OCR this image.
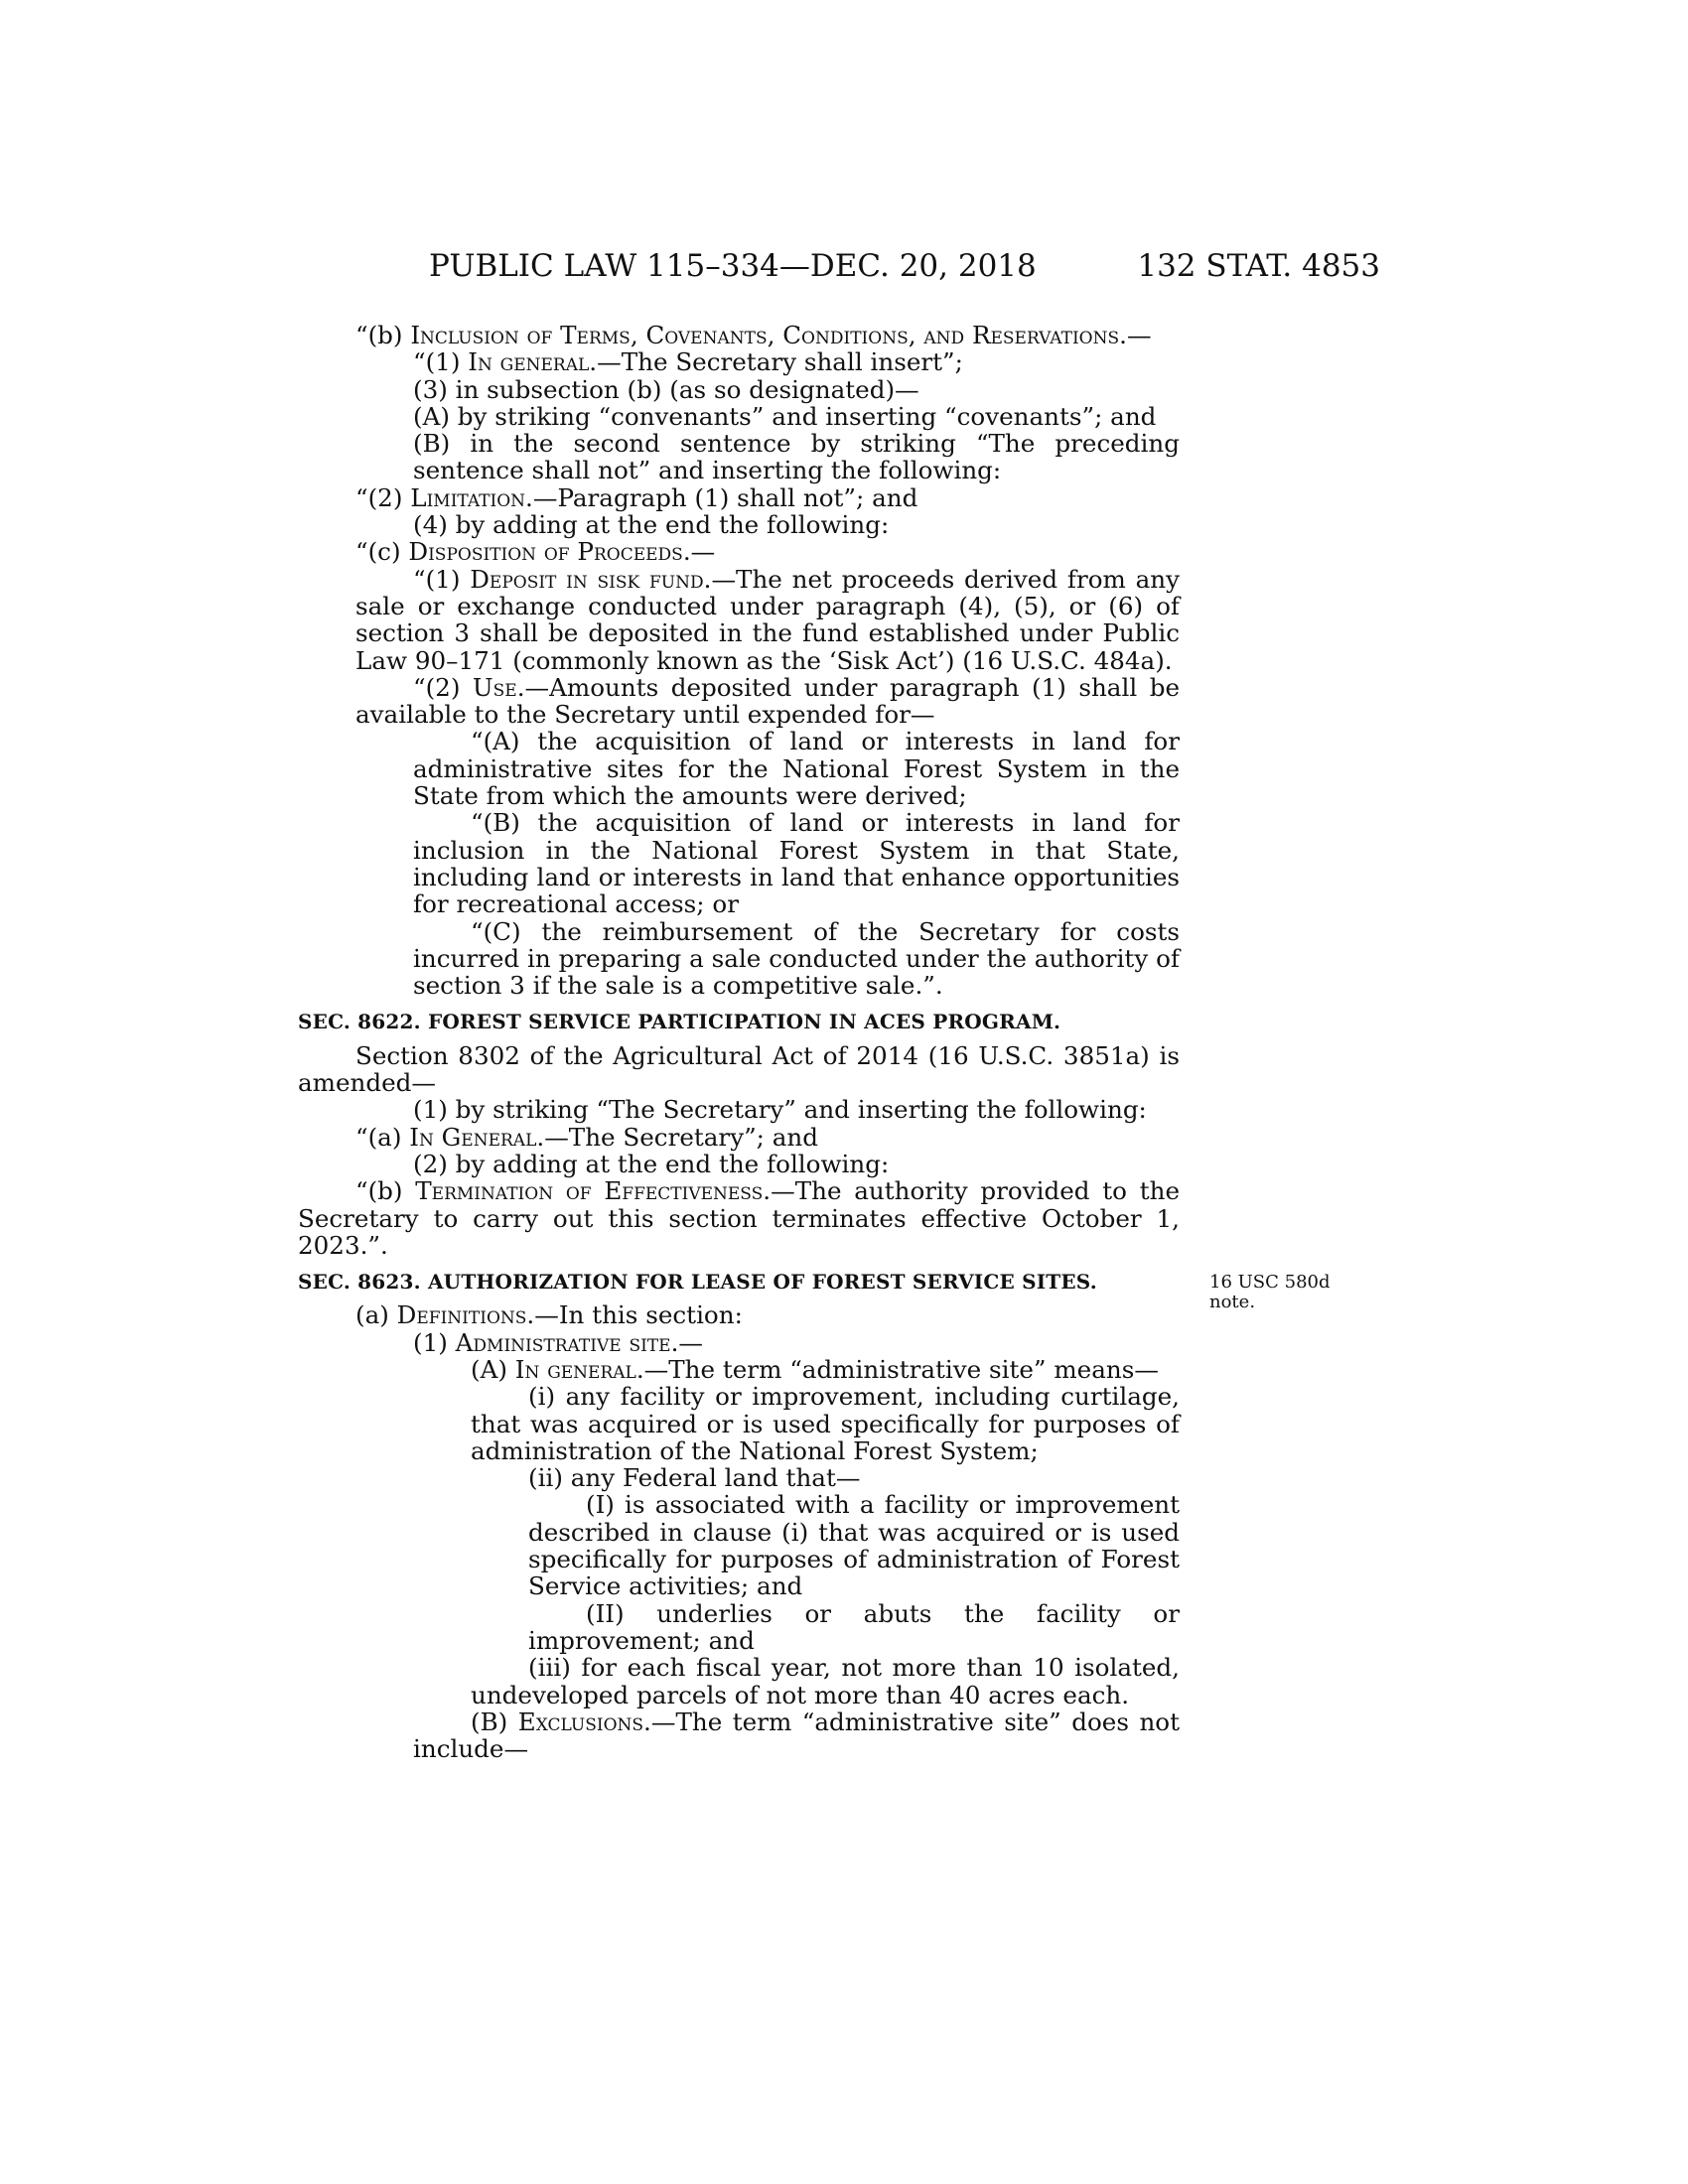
PUBLIC LAW 115–334—DEC. 20, 2018	132 STAT. 4853

“(b) Inclusion of Terms, Covenants, Conditions, and Reservations.—

“(1) In general.—The Secretary shall insert”;

(3) in subsection (b) (as so designated)—

(A) by striking “convenants” and inserting “covenants”; and

(B) in the second sentence by striking “The preceding sentence shall not” and inserting the following:

“(2) Limitation.—Paragraph (1) shall not”; and

(4) by adding at the end the following:

“(c) Disposition of Proceeds.—

“(1) Deposit in sisk fund.—The net proceeds derived from any sale or exchange conducted under paragraph (4), (5), or (6) of section 3 shall be deposited in the fund established under Public Law 90–171 (commonly known as the ‘Sisk Act’) (16 U.S.C. 484a).

“(2) Use.—Amounts deposited under paragraph (1) shall be available to the Secretary until expended for—

“(A) the acquisition of land or interests in land for administrative sites for the National Forest System in the State from which the amounts were derived;

“(B) the acquisition of land or interests in land for inclusion in the National Forest System in that State, including land or interests in land that enhance opportunities for recreational access; or

“(C) the reimbursement of the Secretary for costs incurred in preparing a sale conducted under the authority of section 3 if the sale is a competitive sale.”.

SEC. 8622. FOREST SERVICE PARTICIPATION IN ACES PROGRAM.

Section 8302 of the Agricultural Act of 2014 (16 U.S.C. 3851a) is amended—

(1) by striking “The Secretary” and inserting the following:

“(a) In General.—The Secretary”; and

(2) by adding at the end the following:

“(b) Termination of Effectiveness.—The authority provided to the Secretary to carry out this section terminates effective October 1, 2023.”.

SEC. 8623. AUTHORIZATION FOR LEASE OF FOREST SERVICE SITES.	16 USC 580d note.

(a) Definitions.—In this section:

(1) Administrative site.—

(A) In general.—The term “administrative site” means—

(i) any facility or improvement, including curtilage, that was acquired or is used specifically for purposes of administration of the National Forest System;

(ii) any Federal land that—

(I) is associated with a facility or improvement described in clause (i) that was acquired or is used specifically for purposes of administration of Forest Service activities; and

(II) underlies or abuts the facility or improvement; and

(iii) for each fiscal year, not more than 10 isolated, undeveloped parcels of not more than 40 acres each.

(B) Exclusions.—The term “administrative site” does not include—
